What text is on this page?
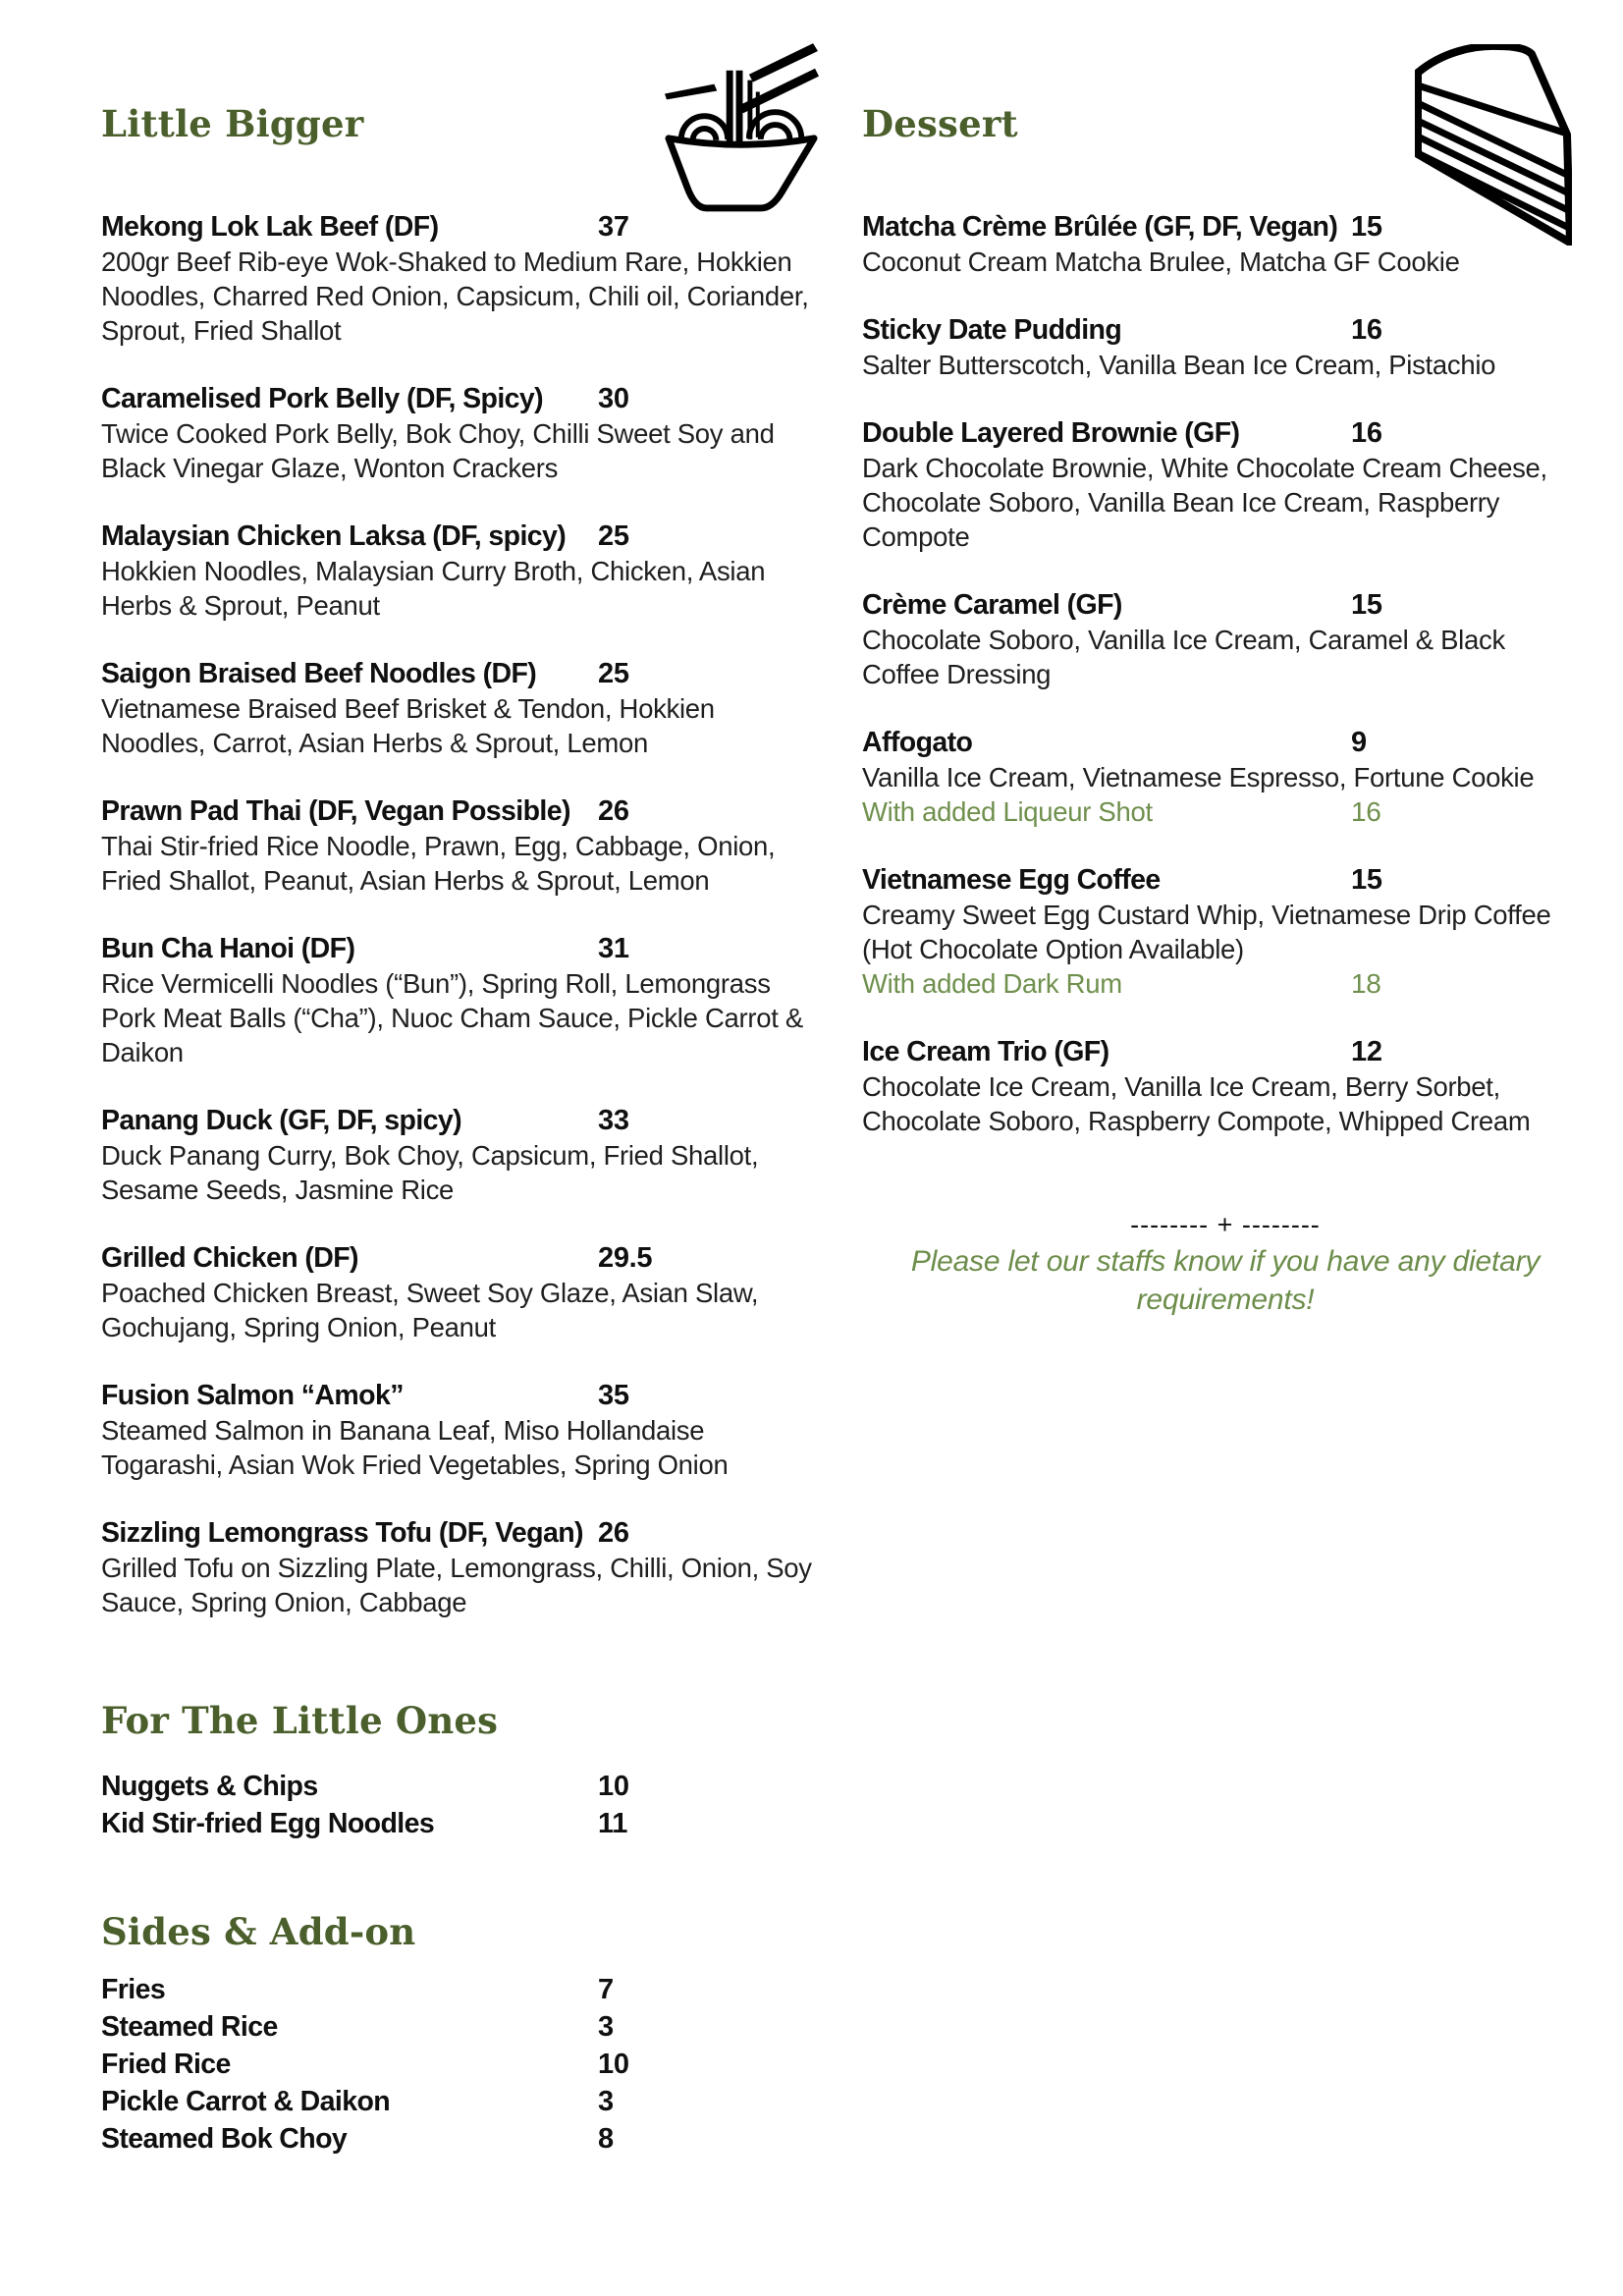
Little Bigger
Mekong Lok Lak Beef (DF)	37
200gr Beef Rib-eye Wok-Shaked to Medium Rare, Hokkien
Noodles, Charred Red Onion, Capsicum, Chili oil, Coriander,
Sprout, Fried Shallot
Caramelised Pork Belly (DF, Spicy) 30
Twice Cooked Pork Belly, Bok Choy, Chilli Sweet Soy and
Black Vinegar Glaze, Wonton Crackers
Malaysian Chicken Laksa (DF, spicy) 25
Hokkien Noodles, Malaysian Curry Broth, Chicken, Asian
Herbs & Sprout, Peanut
Saigon Braised Beef Noodles (DF) 25
Vietnamese Braised Beef Brisket & Tendon, Hokkien
Noodles, Carrot, Asian Herbs & Sprout, Lemon
Prawn Pad Thai (DF, Vegan Possible) 26
Thai Stir-fried Rice Noodle, Prawn, Egg, Cabbage, Onion,
Fried Shallot, Peanut, Asian Herbs & Sprout, Lemon
Bun Cha Hanoi (DF)	31
Rice Vermicelli Noodles (“Bun”), Spring Roll, Lemongrass
Pork Meat Balls (“Cha”), Nuoc Cham Sauce, Pickle Carrot &
Daikon
Panang Duck (GF, DF, spicy)	33
Duck Panang Curry, Bok Choy, Capsicum, Fried Shallot,
Sesame Seeds, Jasmine Rice
Grilled Chicken (DF)	29.5
Poached Chicken Breast, Sweet Soy Glaze, Asian Slaw,
Gochujang, Spring Onion, Peanut
Fusion Salmon “Amok”	35
Steamed Salmon in Banana Leaf, Miso Hollandaise
Togarashi, Asian Wok Fried Vegetables, Spring Onion
Sizzling Lemongrass Tofu (DF, Vegan) 26
Grilled Tofu on Sizzling Plate, Lemongrass, Chilli, Onion, Soy
Sauce, Spring Onion, Cabbage
For The Little Ones
Nuggets & Chips	10
Kid Stir-fried Egg Noodles	11
Sides & Add-on
Fries	7
Steamed Rice	3
Fried Rice	10
Pickle Carrot & Daikon	3
Steamed Bok Choy	8
Dessert
Matcha Crème Brûlée (GF, DF, Vegan) 15
Coconut Cream Matcha Brulee, Matcha GF Cookie
Sticky Date Pudding	16
Salter Butterscotch, Vanilla Bean Ice Cream, Pistachio
Double Layered Brownie (GF)	16
Dark Chocolate Brownie, White Chocolate Cream Cheese,
Chocolate Soboro, Vanilla Bean Ice Cream, Raspberry
Compote
Crème Caramel (GF)	15
Chocolate Soboro, Vanilla Ice Cream, Caramel & Black
Coffee Dressing
Affogato	9
Vanilla Ice Cream, Vietnamese Espresso, Fortune Cookie
With added Liqueur Shot	16
Vietnamese Egg Coffee	15
Creamy Sweet Egg Custard Whip, Vietnamese Drip Coffee
(Hot Chocolate Option Available)
With added Dark Rum	18
Ice Cream Trio (GF)	12
Chocolate Ice Cream, Vanilla Ice Cream, Berry Sorbet,
Chocolate Soboro, Raspberry Compote, Whipped Cream
-------- + --------
Please let our staffs know if you have any dietary
requirements!
